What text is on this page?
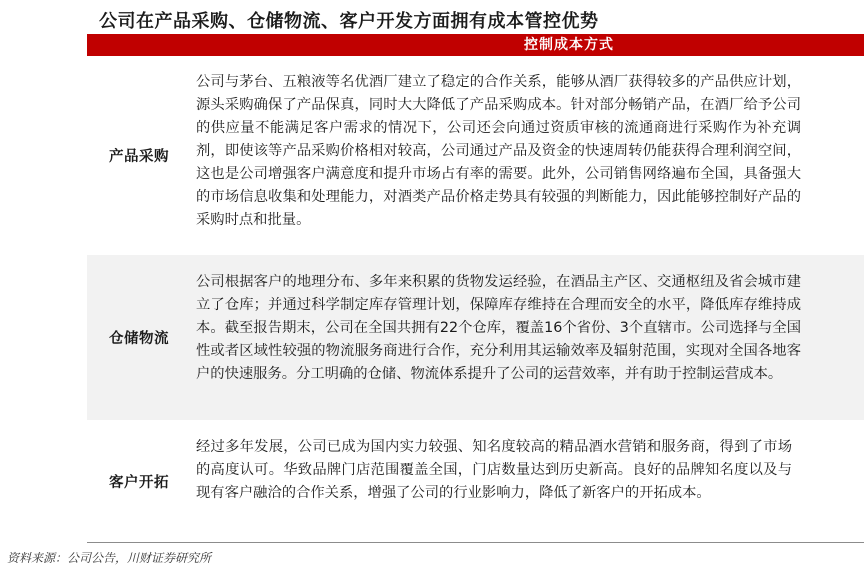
公司在产品采购、仓储物流、客户开发方面拥有成本管控优势
控制成本方式
产品采购
公司与茅台、五粮液等名优酒厂建立了稳定的合作关系，能够从酒厂获得较多的产品供应计划，源头采购确保了产品保真，同时大大降低了产品采购成本。针对部分畅销产品，在酒厂给予公司的供应量不能满足客户需求的情况下，公司还会向通过资质审核的流通商进行采购作为补充调剂，即使该等产品采购价格相对较高，公司通过产品及资金的快速周转仍能获得合理利润空间，这也是公司增强客户满意度和提升市场占有率的需要。此外，公司销售网络遍布全国，具备强大的市场信息收集和处理能力，对酒类产品价格走势具有较强的判断能力，因此能够控制好产品的采购时点和批量。
仓储物流
公司根据客户的地理分布、多年来积累的货物发运经验，在酒品主产区、交通枢纽及省会城市建立了仓库；并通过科学制定库存管理计划，保障库存维持在合理而安全的水平，降低库存维持成本。截至报告期末，公司在全国共拥有22个仓库，覆盖16个省份、3个直辖市。公司选择与全国性或者区域性较强的物流服务商进行合作，充分利用其运输效率及辐射范围，实现对全国各地客户的快速服务。分工明确的仓储、物流体系提升了公司的运营效率，并有助于控制运营成本。
客户开拓
经过多年发展，公司已成为国内实力较强、知名度较高的精品酒水营销和服务商，得到了市场的高度认可。华致品牌门店范围覆盖全国，门店数量达到历史新高。良好的品牌知名度以及与现有客户融洽的合作关系，增强了公司的行业影响力，降低了新客户的开拓成本。
资料来源：公司公告，川财证券研究所
